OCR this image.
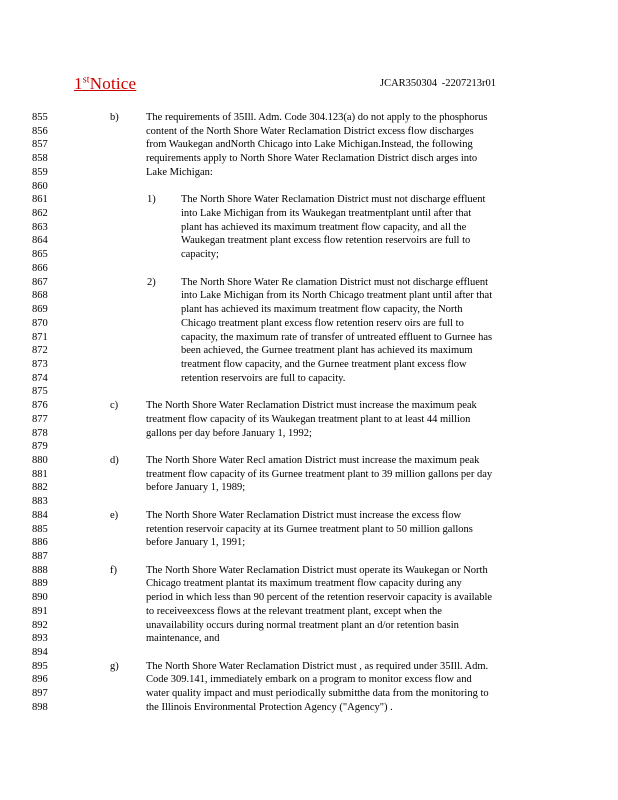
1stNotice	JCAR350304 -2207213r01
855
856
857
858
859
860
861
862
863
864
865
866
867
868
869
870
871
872
873
874
875
876
877
878
879
880
881
882
883
884
885
886
887
888
889
890
891
892
893
894
895
896
897
898
b)	The requirements of 35Ill. Adm. Code 304.123(a) do not apply to the phosphorus
content of the North Shore Water Reclamation District excess flow discharges
from Waukegan andNorth Chicago into Lake Michigan.Instead, the following
requirements apply to North Shore Water Reclamation District disch arges into
Lake Michigan:
1) The North Shore Water Reclamation District must not discharge effluent
into Lake Michigan from its Waukegan treatmentplant until after that
plant has achieved its maximum treatment flow capacity, and all the
Waukegan treatment plant excess flow retention reservoirs are full to
capacity;
2) The North Shore Water Re clamation District must not discharge effluent
into Lake Michigan from its North Chicago treatment plant until after that
plant has achieved its maximum treatment flow capacity, the North
Chicago treatment plant excess flow retention reserv oirs are full to
capacity, the maximum rate of transfer of untreated effluent to Gurnee has
been achieved, the Gurnee treatment plant has achieved its maximum
treatment flow capacity, and the Gurnee treatment plant excess flow
retention reservoirs are full to capacity.
c)	The North Shore Water Reclamation District must increase the maximum peak
treatment flow capacity of its Waukegan treatment plant to at least 44 million
gallons per day before January 1, 1992;
d)	The North Shore Water Recl amation District must increase the maximum peak
treatment flow capacity of its Gurnee treatment plant to 39 million gallons per day
before January 1, 1989;
e)	The North Shore Water Reclamation District must increase the excess flow
retention reservoir capacity at its Gurnee treatment plant to 50 million gallons
before January 1, 1991;
f)	The North Shore Water Reclamation District must operate its Waukegan or North
Chicago treatment plantat its maximum treatment flow capacity during any
period in which less than 90 percent of the retention reservoir capacity is available
to receiveexcess flows at the relevant treatment plant, except when the
unavailability occurs during normal treatment plant an d/or retention basin
maintenance, and
g)	The North Shore Water Reclamation District must , as required under 35Ill. Adm.
Code 309.141, immediately embark on a program to monitor excess flow and
water quality impact and must periodically submitthe data from the monitoring to
the Illinois Environmental Protection Agency ("Agency") .
